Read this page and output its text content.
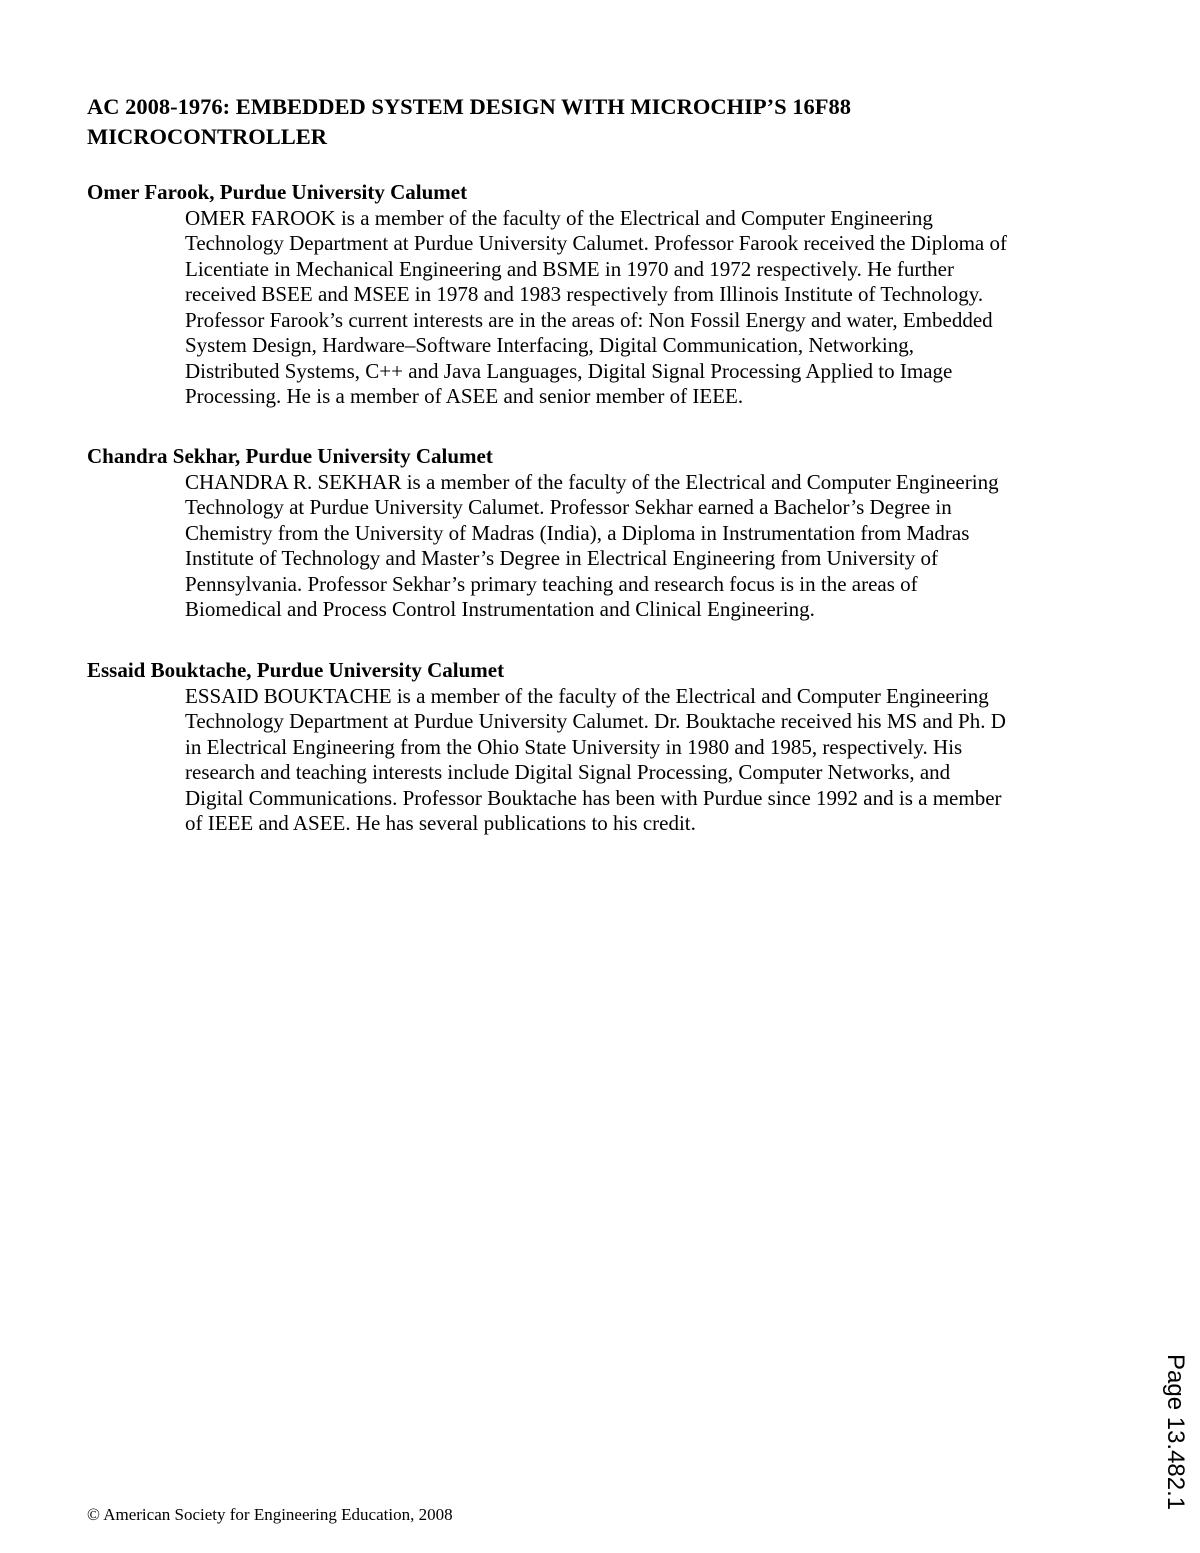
AC 2008-1976: EMBEDDED SYSTEM DESIGN WITH MICROCHIP’S 16F88
MICROCONTROLLER

Omer Farook, Purdue University Calumet

OMER FAROOK is a member of the faculty of the Electrical and Computer Engineering
Technology Department at Purdue University Calumet. Professor Farook received the Diploma of
Licentiate in Mechanical Engineering and BSME in 1970 and 1972 respectively. He further
received BSEE and MSEE in 1978 and 1983 respectively from Illinois Institute of Technology.
Professor Farook’s current interests are in the areas of: Non Fossil Energy and water, Embedded
System Design, Hardware–Software Interfacing, Digital Communication, Networking,
Distributed Systems, C++ and Java Languages, Digital Signal Processing Applied to Image
Processing. He is a member of ASEE and senior member of IEEE.

Chandra Sekhar, Purdue University Calumet

CHANDRA R. SEKHAR is a member of the faculty of the Electrical and Computer Engineering
Technology at Purdue University Calumet. Professor Sekhar earned a Bachelor’s Degree in
Chemistry from the University of Madras (India), a Diploma in Instrumentation from Madras
Institute of Technology and Master’s Degree in Electrical Engineering from University of
Pennsylvania. Professor Sekhar’s primary teaching and research focus is in the areas of
Biomedical and Process Control Instrumentation and Clinical Engineering.

Essaid Bouktache, Purdue University Calumet

ESSAID BOUKTACHE is a member of the faculty of the Electrical and Computer Engineering
Technology Department at Purdue University Calumet. Dr. Bouktache received his MS and Ph. D
in Electrical Engineering from the Ohio State University in 1980 and 1985, respectively. His
research and teaching interests include Digital Signal Processing, Computer Networks, and
Digital Communications. Professor Bouktache has been with Purdue since 1992 and is a member
of IEEE and ASEE. He has several publications to his credit.

© American Society for Engineering Education, 2008

Page 13.482.1
